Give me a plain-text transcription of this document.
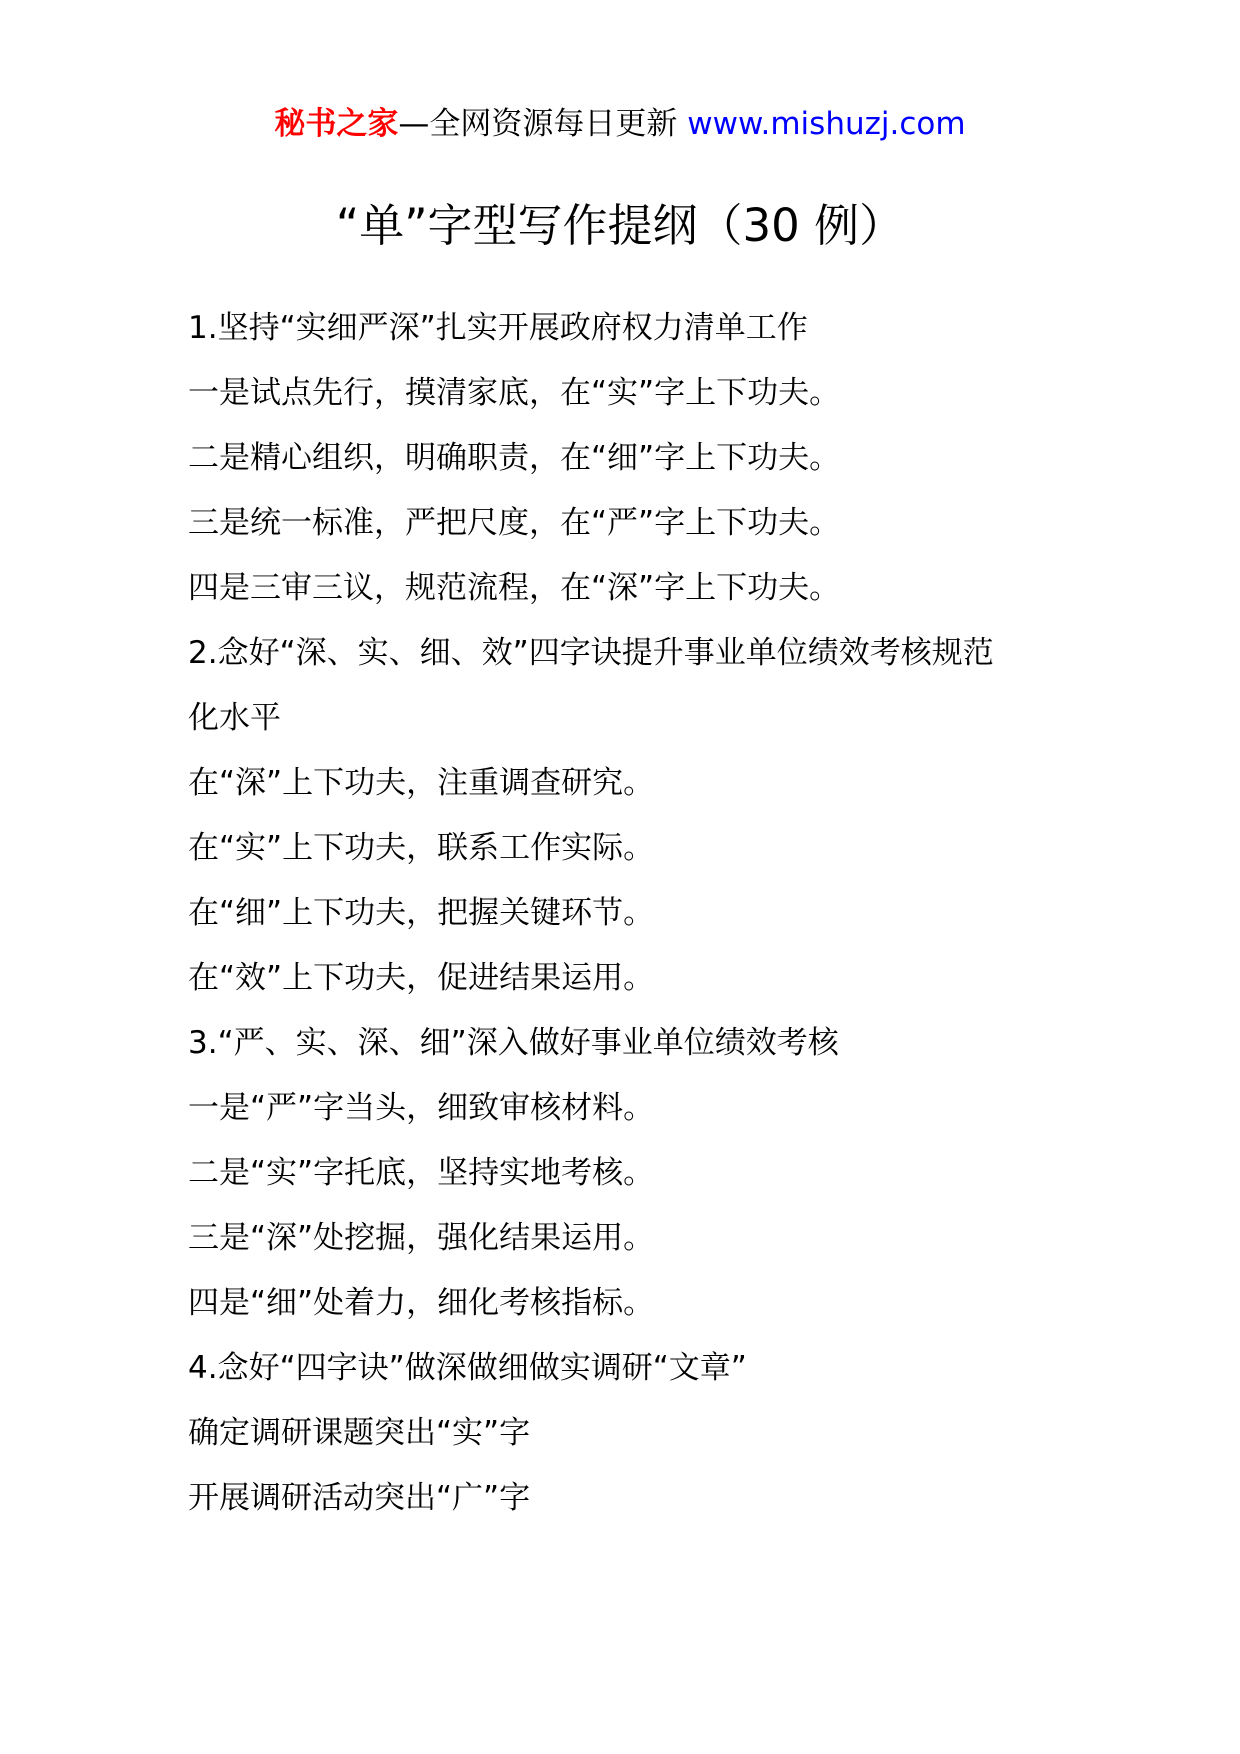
秘书之家—全网资源每日更新 www.mishuzj.com
“单”字型写作提纲（30 例）
1.坚持“实细严深”扎实开展政府权力清单工作
一是试点先行，摸清家底，在“实”字上下功夫。
二是精心组织，明确职责，在“细”字上下功夫。
三是统一标准，严把尺度，在“严”字上下功夫。
四是三审三议，规范流程，在“深”字上下功夫。
2.念好“深、实、细、效”四字诀提升事业单位绩效考核规范
化水平
在“深”上下功夫，注重调查研究。
在“实”上下功夫，联系工作实际。
在“细”上下功夫，把握关键环节。
在“效”上下功夫，促进结果运用。
3.“严、实、深、细”深入做好事业单位绩效考核
一是“严”字当头，细致审核材料。
二是“实”字托底，坚持实地考核。
三是“深”处挖掘，强化结果运用。
四是“细”处着力，细化考核指标。
4.念好“四字诀”做深做细做实调研“文章”
确定调研课题突出“实”字
开展调研活动突出“广”字
